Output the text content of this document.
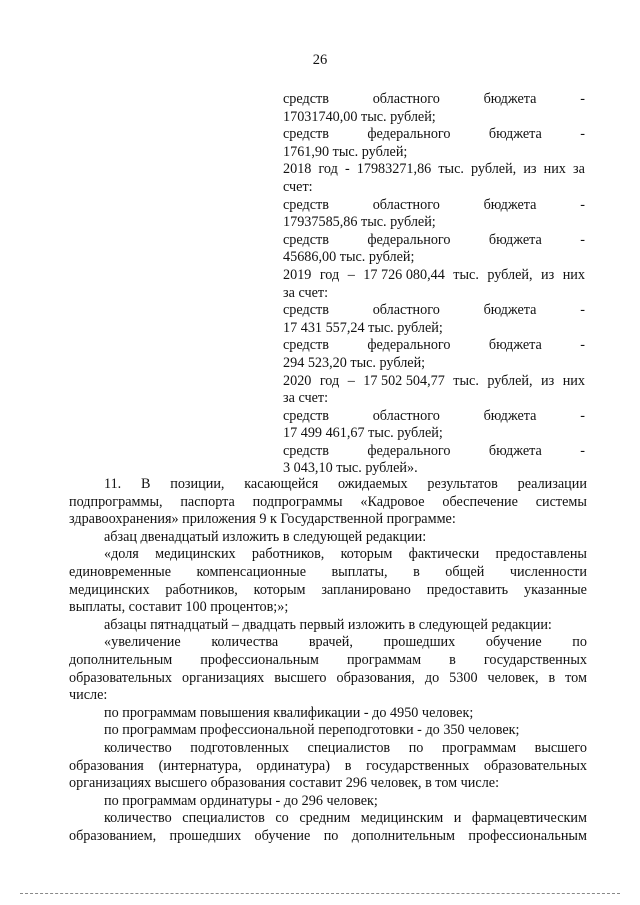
26
средств	областного	бюджета	-
17031740,00 тыс. рублей;
средств	федерального	бюджета	-
1761,90 тыс. рублей;
2018 год - 17983271,86 тыс. рублей, из них за
счет:
средств	областного	бюджета	-
17937585,86 тыс. рублей;
средств	федерального	бюджета	-
45686,00 тыс. рублей;
2019 год – 17 726 080,44 тыс. рублей, из них
за счет:
средств	областного	бюджета	-
17 431 557,24 тыс. рублей;
средств	федерального	бюджета	-
294 523,20 тыс. рублей;
2020 год – 17 502 504,77 тыс. рублей, из них
за счет:
средств	областного	бюджета	-
17 499 461,67 тыс. рублей;
средств	федерального	бюджета	-
3 043,10 тыс. рублей».
11. В позиции, касающейся ожидаемых результатов реализации
подпрограммы, паспорта подпрограммы «Кадровое обеспечение системы
здравоохранения» приложения 9 к Государственной программе:
абзац двенадцатый изложить в следующей редакции:
«доля медицинских работников, которым фактически предоставлены
единовременные компенсационные выплаты, в общей численности
медицинских работников, которым запланировано предоставить указанные
выплаты, составит 100 процентов;»;
абзацы пятнадцатый – двадцать первый изложить в следующей редакции:
«увеличение количества врачей, прошедших обучение по
дополнительным профессиональным программам в государственных
образовательных организациях высшего образования, до 5300 человек, в том
числе:
по программам повышения квалификации - до 4950 человек;
по программам профессиональной переподготовки - до 350 человек;
количество подготовленных специалистов по программам высшего
образования (интернатура, ординатура) в государственных образовательных
организациях высшего образования составит 296 человек, в том числе:
по программам ординатуры - до 296 человек;
количество специалистов со средним медицинским и фармацевтическим
образованием, прошедших обучение по дополнительным профессиональным
